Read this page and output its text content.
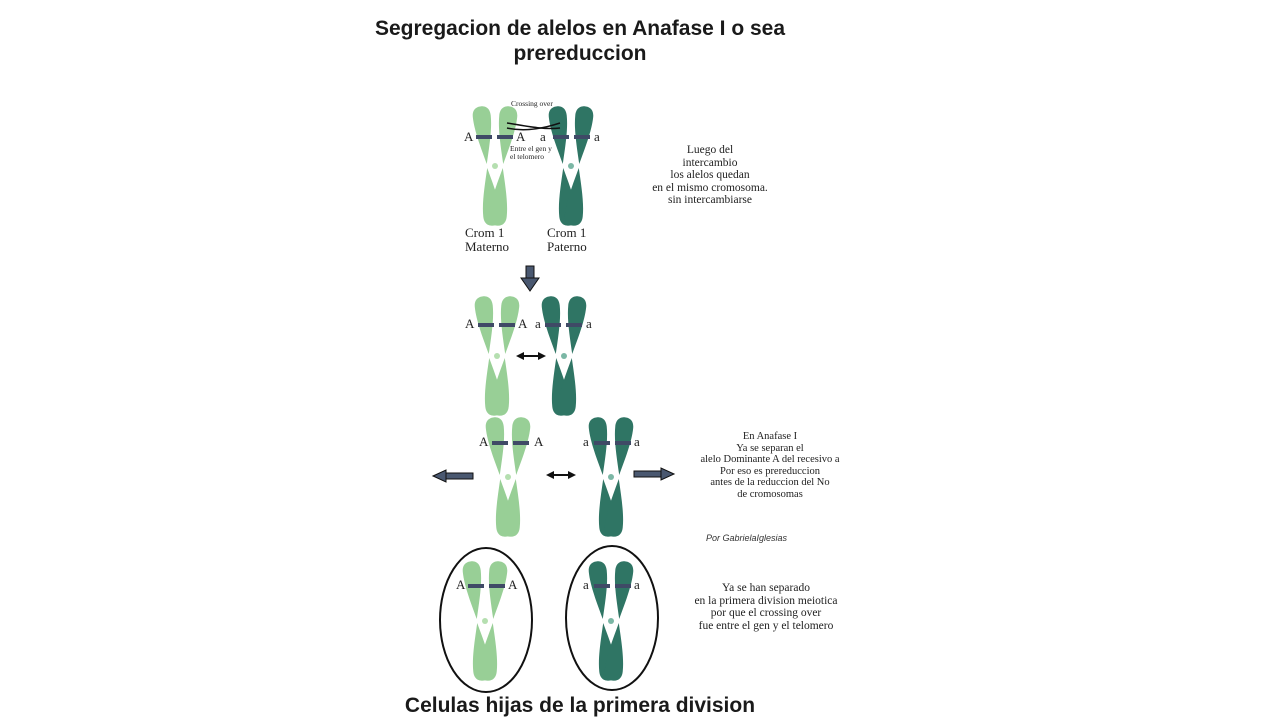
Segregacion de alelos en Anafase I o sea
prereduccion
Crossing over
Entre el gen y
el telomero
A	A a	a
A	A a	a
A	A	a	a
A	A	a	a
Crom 1
Materno
Crom 1
Paterno
Luego del
intercambio
los alelos quedan
en el mismo cromosoma.
sin intercambiarse
En Anafase I
Ya se separan el
alelo Dominante A del recesivo a
Por eso es prereduccion
antes de la reduccion del No
de cromosomas
Por GabrielaIglesias
Ya se han separado
en la primera division meiotica
por que el crossing over
fue entre el gen y el telomero
Celulas hijas de la primera division
